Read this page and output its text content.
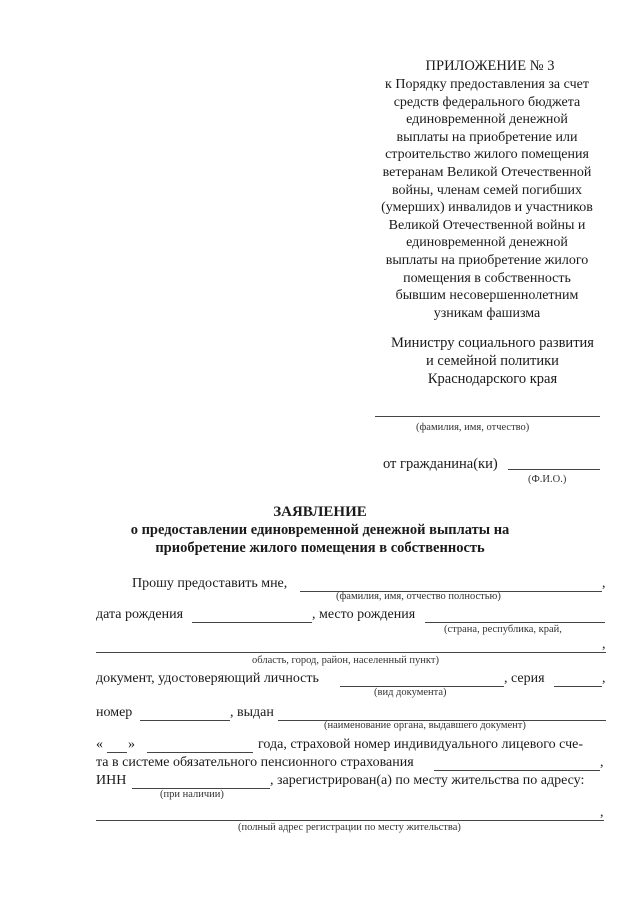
ПРИЛОЖЕНИЕ № 3
к Порядку предоставления за счет
средств федерального бюджета
единовременной денежной
выплаты на приобретение или
строительство жилого помещения
ветеранам Великой Отечественной
войны, членам семей погибших
(умерших) инвалидов и участников
Великой Отечественной войны и
единовременной денежной
выплаты на приобретение жилого
помещения в собственность
бывшим несовершеннолетним
узникам фашизма
Министру социального развития
и семейной политики
Краснодарского края
(фамилия, имя, отчество)
от гражданина(ки)
(Ф.И.О.)
ЗАЯВЛЕНИЕ
о предоставлении единовременной денежной выплаты на
приобретение жилого помещения в собственность
Прошу предоставить мне,	,
(фамилия, имя, отчество полностью)
дата рождения	, место рождения
(страна, республика, край,
,
область, город, район, населенный пункт)
документ, удостоверяющий личность	, серия	,
(вид документа)
номер	, выдан
(наименование органа, выдавшего документ)
« »	года, страховой номер индивидуального лицевого сче-
та в системе обязательного пенсионного страхования	,
ИНН	, зарегистрирован(а) по месту жительства по адресу:
(при наличии)
,
(полный адрес регистрации по месту жительства)
